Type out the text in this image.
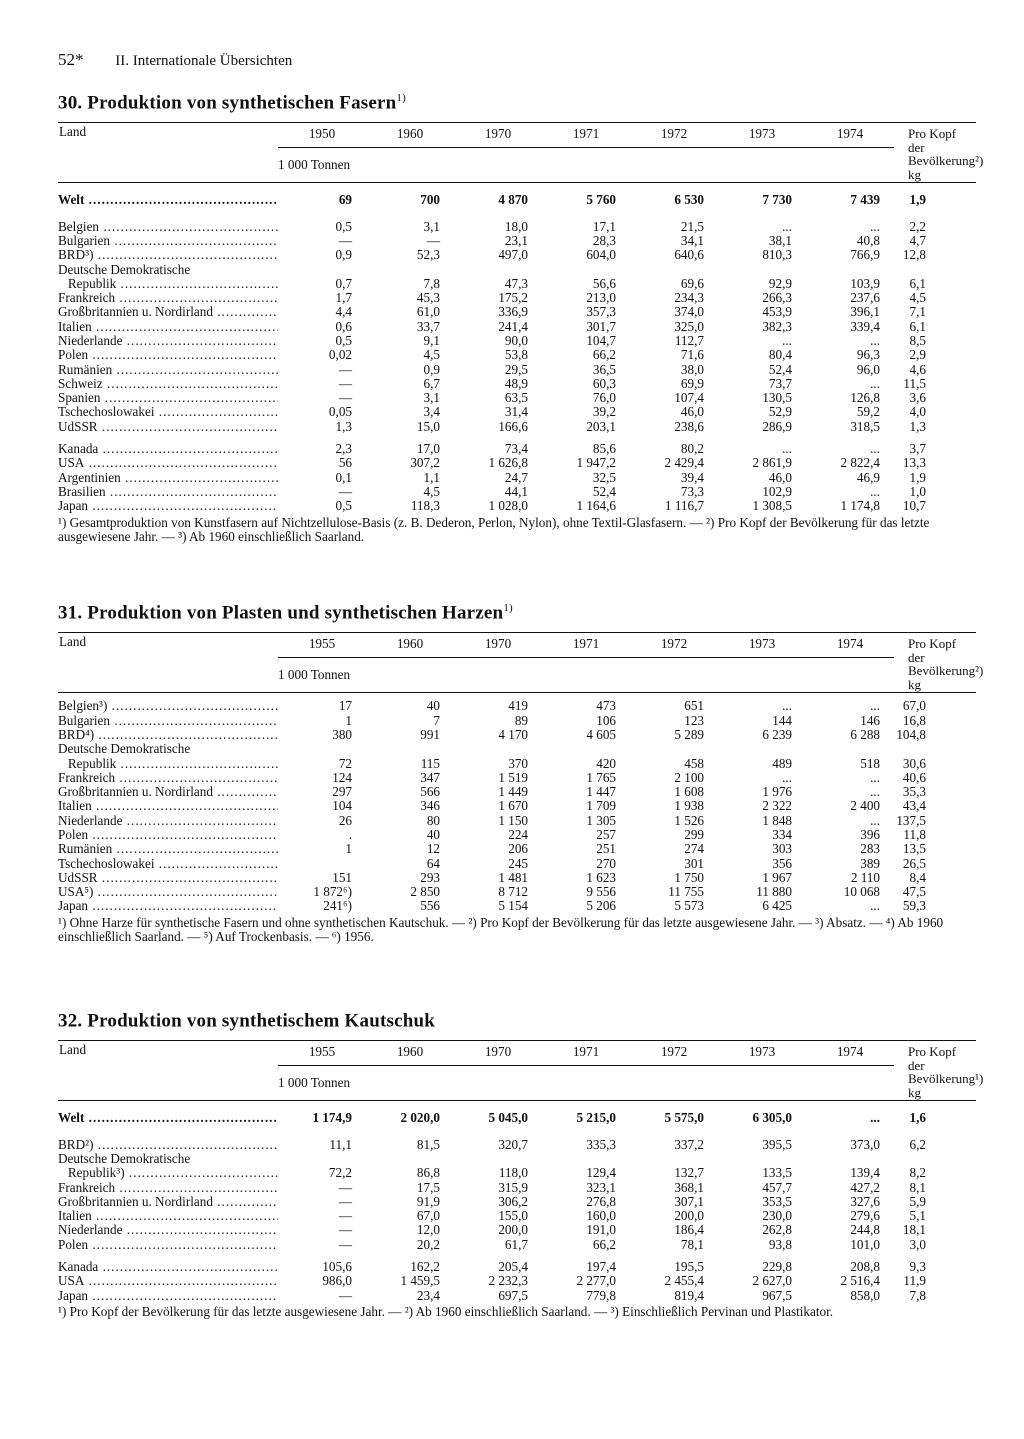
52* II. Internationale Übersichten
30. Produktion von synthetischen Fasern$^{1)}$
Land	1950	1960	1970	1971	1972	1973	1974	Pro Kopf der Bevölkerung²) kg
	1 000 Tonnen							
Welt .....	69	700	4 870	5 760	6 530	7 730	7 439	1,9
Belgien .....	0,5	3,1	18,0	17,1	21,5	...	...	2,2
Bulgarien .....	—	—	23,1	28,3	34,1	38,1	40,8	4,7
BRD³) .....	0,9	52,3	497,0	604,0	640,6	810,3	766,9	12,8
Deutsche Demokratische								
Republik .....	0,7	7,8	47,3	56,6	69,6	92,9	103,9	6,1
Frankreich .....	1,7	45,3	175,2	213,0	234,3	266,3	237,6	4,5
Großbritannien u. Nordirland .....	4,4	61,0	336,9	357,3	374,0	453,9	396,1	7,1
Italien .....	0,6	33,7	241,4	301,7	325,0	382,3	339,4	6,1
Niederlande .....	0,5	9,1	90,0	104,7	112,7	...	...	8,5
Polen .....	0,02	4,5	53,8	66,2	71,6	80,4	96,3	2,9
Rumänien .....	—	0,9	29,5	36,5	38,0	52,4	96,0	4,6
Schweiz .....	—	6,7	48,9	60,3	69,9	73,7	...	11,5
Spanien .....	—	3,1	63,5	76,0	107,4	130,5	126,8	3,6
Tschechoslowakei .....	0,05	3,4	31,4	39,2	46,0	52,9	59,2	4,0
UdSSR .....	1,3	15,0	166,6	203,1	238,6	286,9	318,5	1,3
Kanada .....	2,3	17,0	73,4	85,6	80,2	...	...	3,7
USA .....	56	307,2	1 626,8	1 947,2	2 429,4	2 861,9	2 822,4	13,3
Argentinien .....	0,1	1,1	24,7	32,5	39,4	46,0	46,9	1,9
Brasilien .....	—	4,5	44,1	52,4	73,3	102,9	...	1,0
Japan .....	0,5	118,3	1 028,0	1 164,6	1 116,7	1 308,5	1 174,8	10,7
¹) Gesamtproduktion von Kunstfasern auf Nichtzellulose-Basis (z. B. Dederon, Perlon, Nylon), ohne Textil-Glasfasern. — ²) Pro Kopf der Bevölkerung für das letzte ausgewiesene Jahr. — ³) Ab 1960 einschließlich Saarland.
31. Produktion von Plasten und synthetischen Harzen$^{1)}$
Land	1955	1960	1970	1971	1972	1973	1974	Pro Kopf der Bevölkerung²) kg
	1 000 Tonnen							
Belgien³) .....	17	40	419	473	651	...	...	67,0
Bulgarien .....	1	7	89	106	123	144	146	16,8
BRD⁴) .....	380	991	4 170	4 605	5 289	6 239	6 288	104,8
Deutsche Demokratische								
Republik .....	72	115	370	420	458	489	518	30,6
Frankreich .....	124	347	1 519	1 765	2 100	...	...	40,6
Großbritannien u. Nordirland .....	297	566	1 449	1 447	1 608	1 976	...	35,3
Italien .....	104	346	1 670	1 709	1 938	2 322	2 400	43,4
Niederlande .....	26	80	1 150	1 305	1 526	1 848	...	137,5
Polen .....	.	40	224	257	299	334	396	11,8
Rumänien .....	1	12	206	251	274	303	283	13,5
Tschechoslowakei .....		64	245	270	301	356	389	26,5
UdSSR .....	151	293	1 481	1 623	1 750	1 967	2 110	8,4
USA⁵) .....	1 872⁶)	2 850	8 712	9 556	11 755	11 880	10 068	47,5
Japan .....	241⁶)	556	5 154	5 206	5 573	6 425	...	59,3
¹) Ohne Harze für synthetische Fasern und ohne synthetischen Kautschuk. — ²) Pro Kopf der Bevölkerung für das letzte ausgewiesene Jahr. — ³) Absatz. — ⁴) Ab 1960 einschließlich Saarland. — ⁵) Auf Trockenbasis. — ⁶) 1956.
32. Produktion von synthetischem Kautschuk
Land	1955	1960	1970	1971	1972	1973	1974	Pro Kopf der Bevölkerung¹) kg
	1 000 Tonnen							
Welt .....	1 174,9	2 020,0	5 045,0	5 215,0	5 575,0	6 305,0	...	1,6
BRD²) .....	11,1	81,5	320,7	335,3	337,2	395,5	373,0	6,2
Deutsche Demokratische								
Republik³) .....	72,2	86,8	118,0	129,4	132,7	133,5	139,4	8,2
Frankreich .....	—	17,5	315,9	323,1	368,1	457,7	427,2	8,1
Großbritannien u. Nordirland .....	—	91,9	306,2	276,8	307,1	353,5	327,6	5,9
Italien .....	—	67,0	155,0	160,0	200,0	230,0	279,6	5,1
Niederlande .....	—	12,0	200,0	191,0	186,4	262,8	244,8	18,1
Polen .....	—	20,2	61,7	66,2	78,1	93,8	101,0	3,0
Kanada .....	105,6	162,2	205,4	197,4	195,5	229,8	208,8	9,3
USA .....	986,0	1 459,5	2 232,3	2 277,0	2 455,4	2 627,0	2 516,4	11,9
Japan .....	—	23,4	697,5	779,8	819,4	967,5	858,0	7,8
¹) Pro Kopf der Bevölkerung für das letzte ausgewiesene Jahr. — ²) Ab 1960 einschließlich Saarland. — ³) Einschließlich Pervinan und Plastikator.
